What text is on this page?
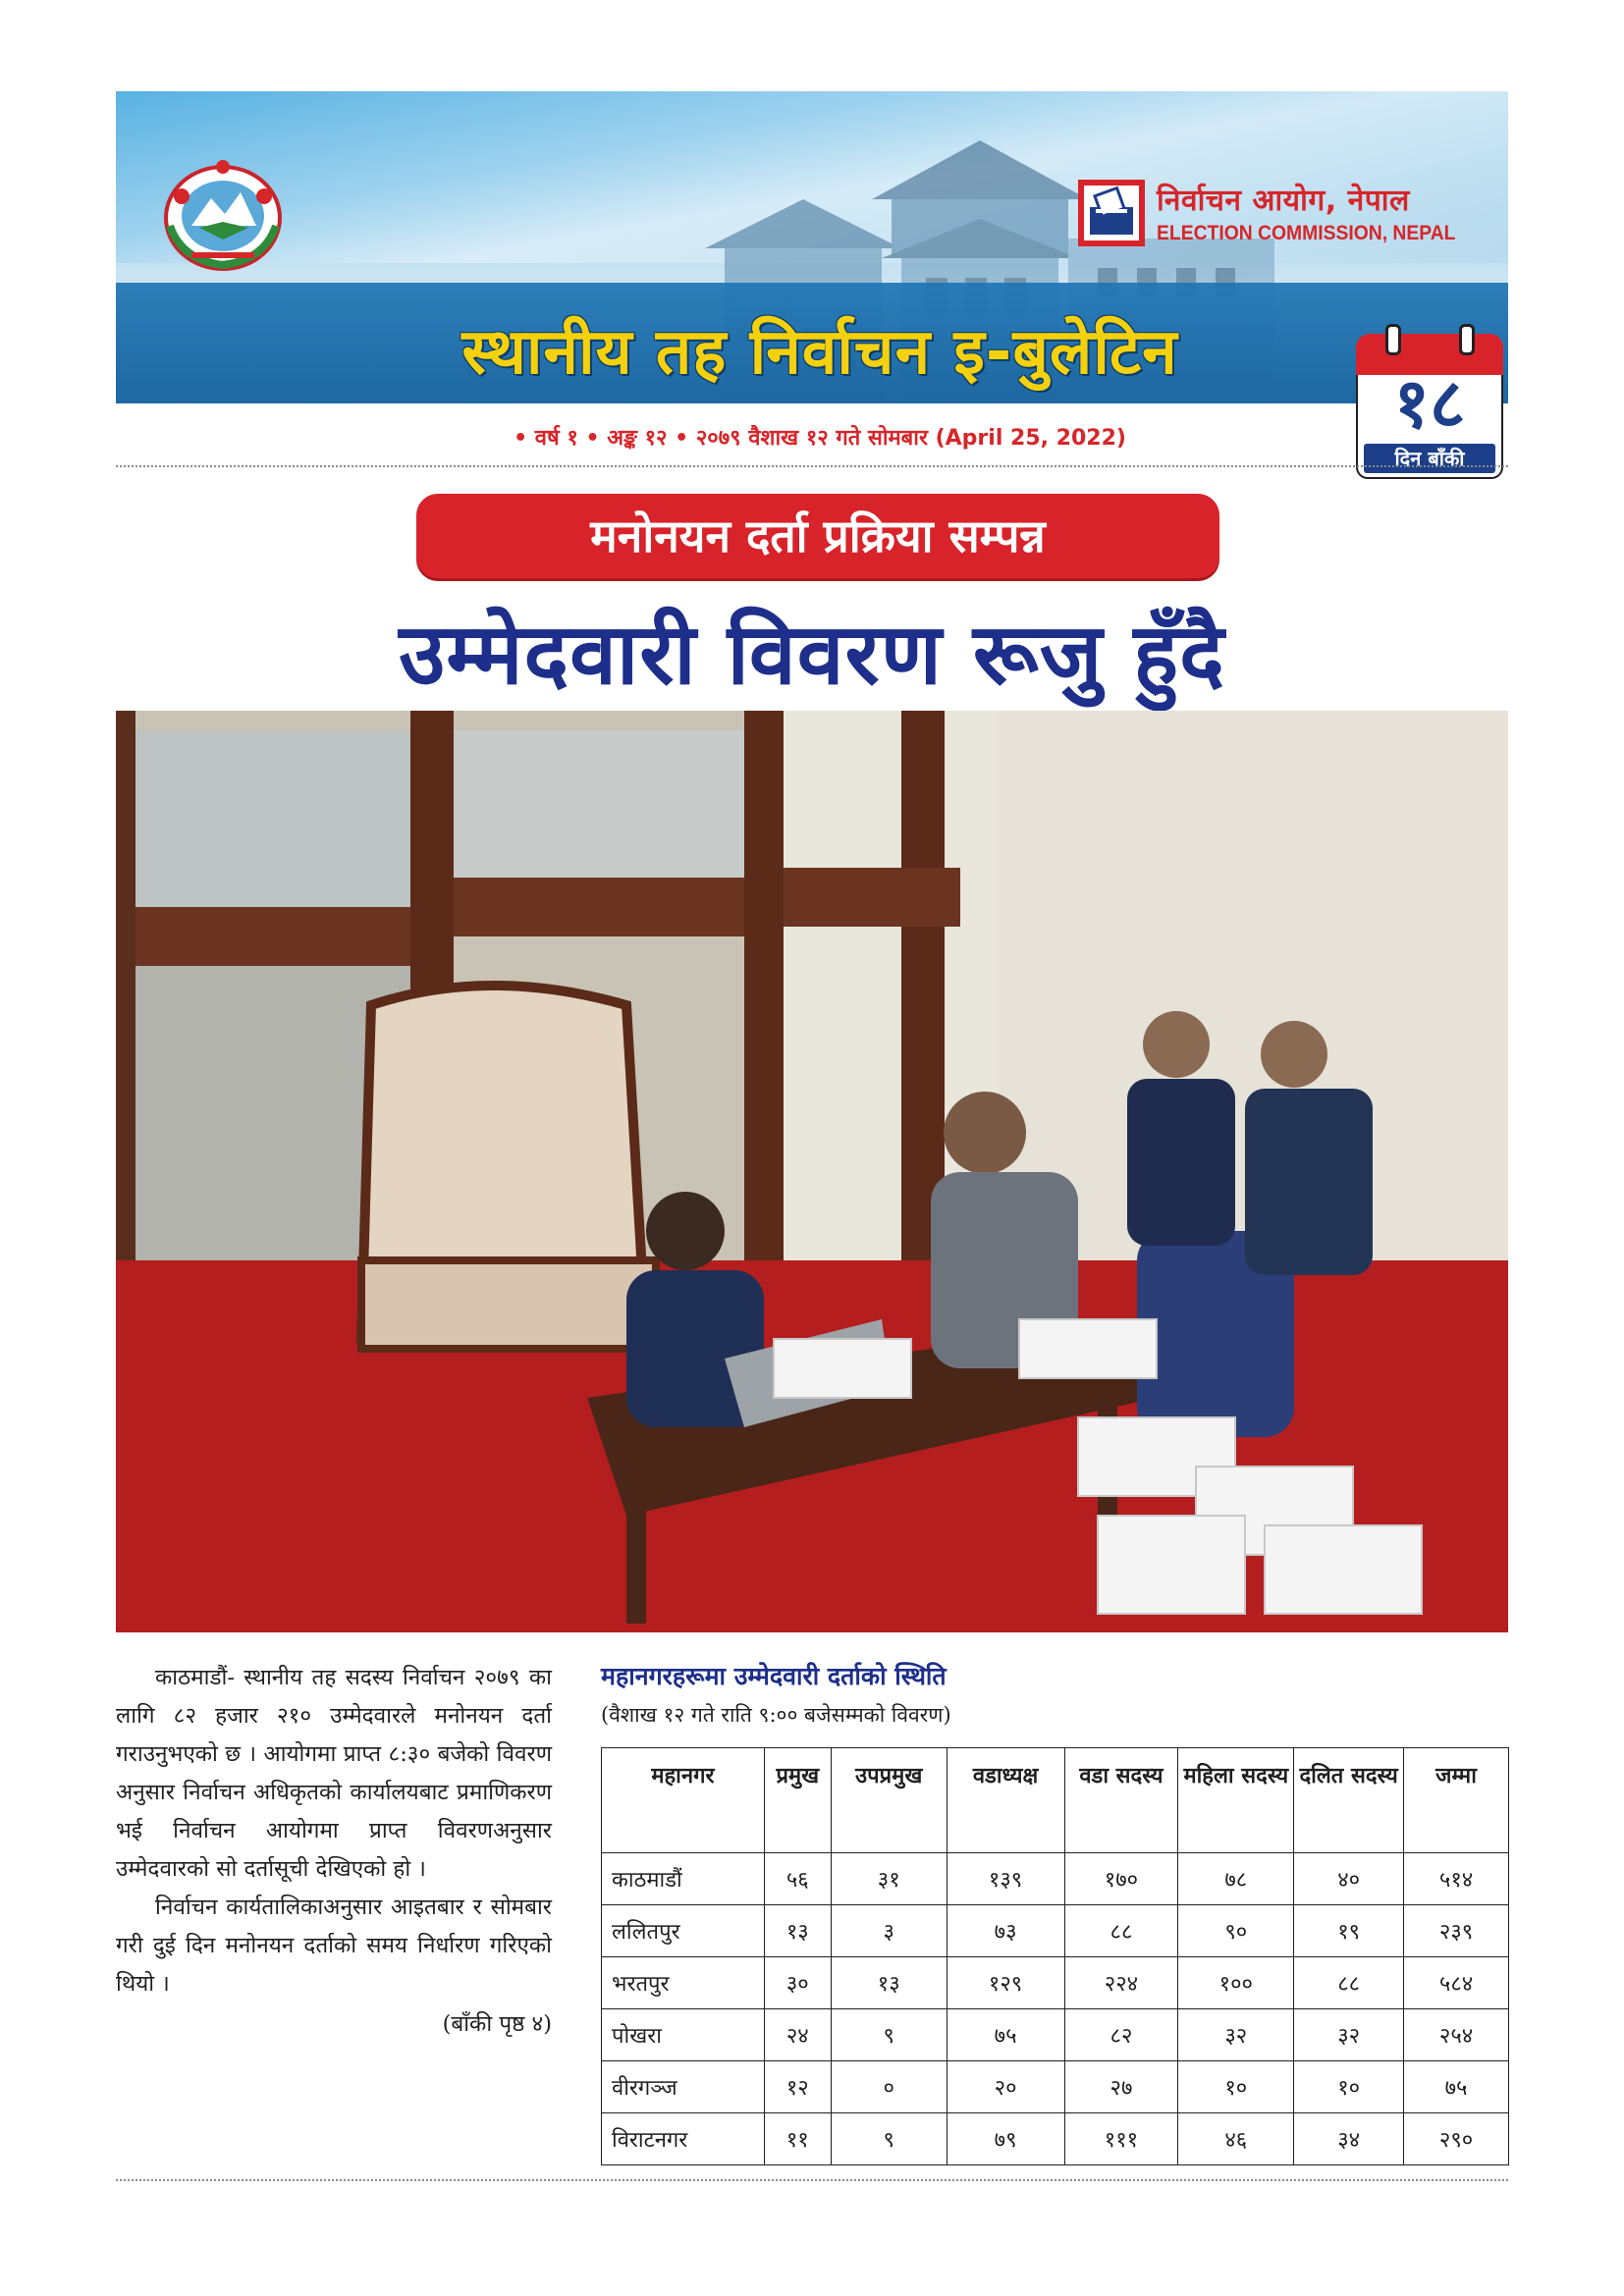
निर्वाचन आयोग, नेपाल
ELECTION COMMISSION, NEPAL
स्थानीय तह निर्वाचन इ-बुलेटिन
१८
दिन बाँकी
• वर्ष १ • अङ्क १२ • २०७९ वैशाख १२ गते सोमबार (April 25, 2022)
मनोनयन दर्ता प्रक्रिया सम्पन्न
उम्मेदवारी विवरण रूजु हुँदै

काठमाडौं- स्थानीय तह सदस्य निर्वाचन २०७९ का लागि ८२ हजार २१० उम्मेदवारले मनोनयन दर्ता गराउनुभएको छ । आयोगमा प्राप्त ८:३० बजेको विवरण अनुसार निर्वाचन अधिकृतको कार्यालयबाट प्रमाणिकरण भई निर्वाचन आयोगमा प्राप्त विवरणअनुसार उम्मेदवारको सो दर्तासूची देखिएको हो ।

निर्वाचन कार्यतालिकाअनुसार आइतबार र सोमबार गरी दुई दिन मनोनयन दर्ताको समय निर्धारण गरिएको थियो ।

(बाँकी पृष्ठ ४)

महानगरहरूमा उम्मेदवारी दर्ताको स्थिति
(वैशाख १२ गते राति ९:०० बजेसम्मको विवरण)
महानगर	प्रमुख	उपप्रमुख	वडाध्यक्ष	वडा सदस्य	महिला सदस्य	दलित सदस्य	जम्मा
काठमाडौं	५६	३१	१३९	१७०	७८	४०	५१४
ललितपुर	१३	३	७३	८८	९०	१९	२३९
भरतपुर	३०	१३	१२९	२२४	१००	८८	५८४
पोखरा	२४	९	७५	८२	३२	३२	२५४
वीरगञ्ज	१२	०	२०	२७	१०	१०	७५
विराटनगर	११	९	७९	१११	४६	३४	२९०
